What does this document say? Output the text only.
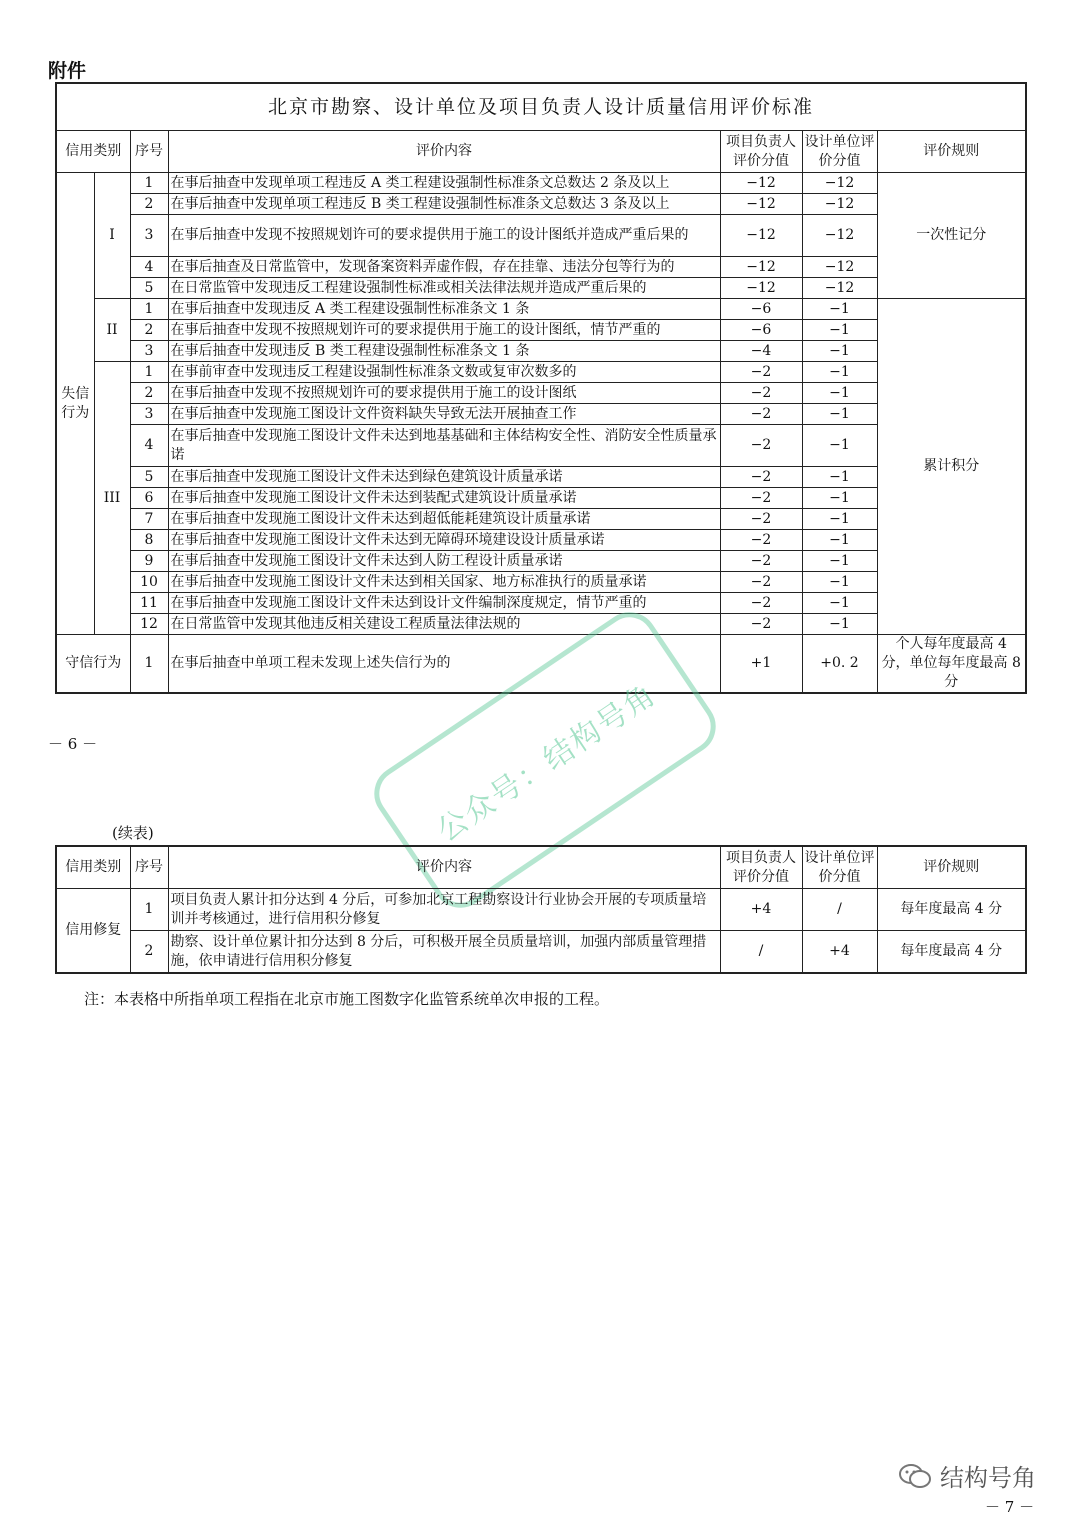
附件
北京市勘察、设计单位及项目负责人设计质量信用评价标准						
信用类别		序号	评价内容	项目负责人评价分值	设计单位评价分值	评价规则
失信行为	I	1	在事后抽查中发现单项工程违反 A 类工程建设强制性标准条文总数达 2 条及以上	−12	−12	一次性记分
		2	在事后抽查中发现单项工程违反 B 类工程建设强制性标准条文总数达 3 条及以上	−12	−12	
		3	在事后抽查中发现不按照规划许可的要求提供用于施工的设计图纸并造成严重后果的	−12	−12	
		4	在事后抽查及日常监管中，发现备案资料弄虚作假，存在挂靠、违法分包等行为的	−12	−12	
		5	在日常监管中发现违反工程建设强制性标准或相关法律法规并造成严重后果的	−12	−12	
	II	1	在事后抽查中发现违反 A 类工程建设强制性标准条文 1 条	−6	−1	累计积分
		2	在事后抽查中发现不按照规划许可的要求提供用于施工的设计图纸，情节严重的	−6	−1	
		3	在事后抽查中发现违反 B 类工程建设强制性标准条文 1 条	−4	−1	
	III	1	在事前审查中发现违反工程建设强制性标准条文数或复审次数多的	−2	−1	
		2	在事后抽查中发现不按照规划许可的要求提供用于施工的设计图纸	−2	−1	
		3	在事后抽查中发现施工图设计文件资料缺失导致无法开展抽查工作	−2	−1	
		4	在事后抽查中发现施工图设计文件未达到地基基础和主体结构安全性、消防安全性质量承诺	−2	−1	
		5	在事后抽查中发现施工图设计文件未达到绿色建筑设计质量承诺	−2	−1	
		6	在事后抽查中发现施工图设计文件未达到装配式建筑设计质量承诺	−2	−1	
		7	在事后抽查中发现施工图设计文件未达到超低能耗建筑设计质量承诺	−2	−1	
		8	在事后抽查中发现施工图设计文件未达到无障碍环境建设设计质量承诺	−2	−1	
		9	在事后抽查中发现施工图设计文件未达到人防工程设计质量承诺	−2	−1	
		10	在事后抽查中发现施工图设计文件未达到相关国家、地方标准执行的质量承诺	−2	−1	
		11	在事后抽查中发现施工图设计文件未达到设计文件编制深度规定，情节严重的	−2	−1	
		12	在日常监管中发现其他违反相关建设工程质量法律法规的	−2	−1	
守信行为		1	在事后抽查中单项工程未发现上述失信行为的	+1	+0. 2	个人每年度最高 4 分，单位每年度最高 8 分
－ 6 －	公众号：结构号角
(续表)
信用类别	序号	评价内容	项目负责人评价分值	设计单位评价分值	评价规则
信用修复	1	项目负责人累计扣分达到 4 分后，可参加北京工程勘察设计行业协会开展的专项质量培训并考核通过，进行信用积分修复	+4	/	每年度最高 4 分
	2	勘察、设计单位累计扣分达到 8 分后，可积极开展全员质量培训，加强内部质量管理措施，依申请进行信用积分修复	/	+4	每年度最高 4 分
注：本表格中所指单项工程指在北京市施工图数字化监管系统单次申报的工程。
结构号角
－ 7 －
